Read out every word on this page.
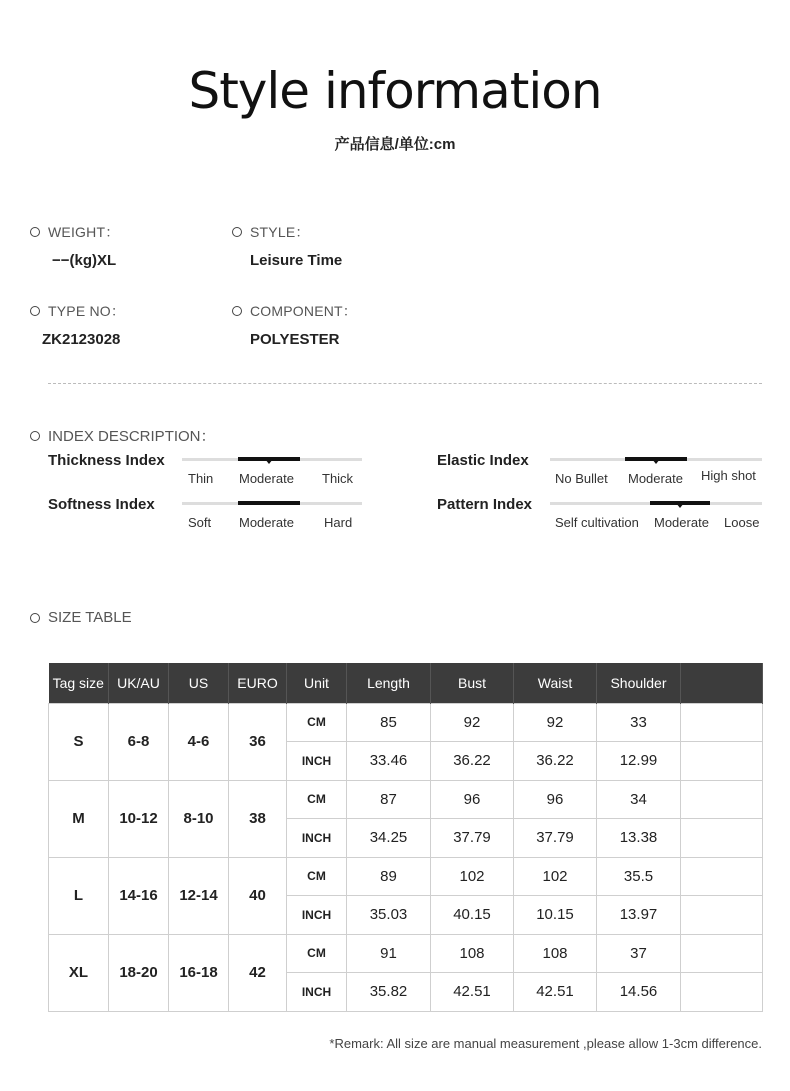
Style information
产品信息/单位:cm
WEIGHT：
−−(kg)XL
STYLE：
Leisure Time
TYPE NO：
ZK2123028
COMPONENT：
POLYESTER
INDEX DESCRIPTION：
Thickness Index
Thin Moderate Thick
Softness Index
Soft Moderate Hard
Elastic Index
No Bullet Moderate High shot
Pattern Index
Self cultivation Moderate Loose
SIZE TABLE
Tag size	UK/AU	US	EURO	Unit	Length	Bust	Waist	Shoulder	
S	6-8	4-6	36	CM	85	92	92	33	
				INCH	33.46	36.22	36.22	12.99	
M	10-12	8-10	38	CM	87	96	96	34	
				INCH	34.25	37.79	37.79	13.38	
L	14-16	12-14	40	CM	89	102	102	35.5	
				INCH	35.03	40.15	10.15	13.97	
XL	18-20	16-18	42	CM	91	108	108	37	
				INCH	35.82	42.51	42.51	14.56	
*Remark: All size are manual measurement ,please allow 1-3cm difference.
